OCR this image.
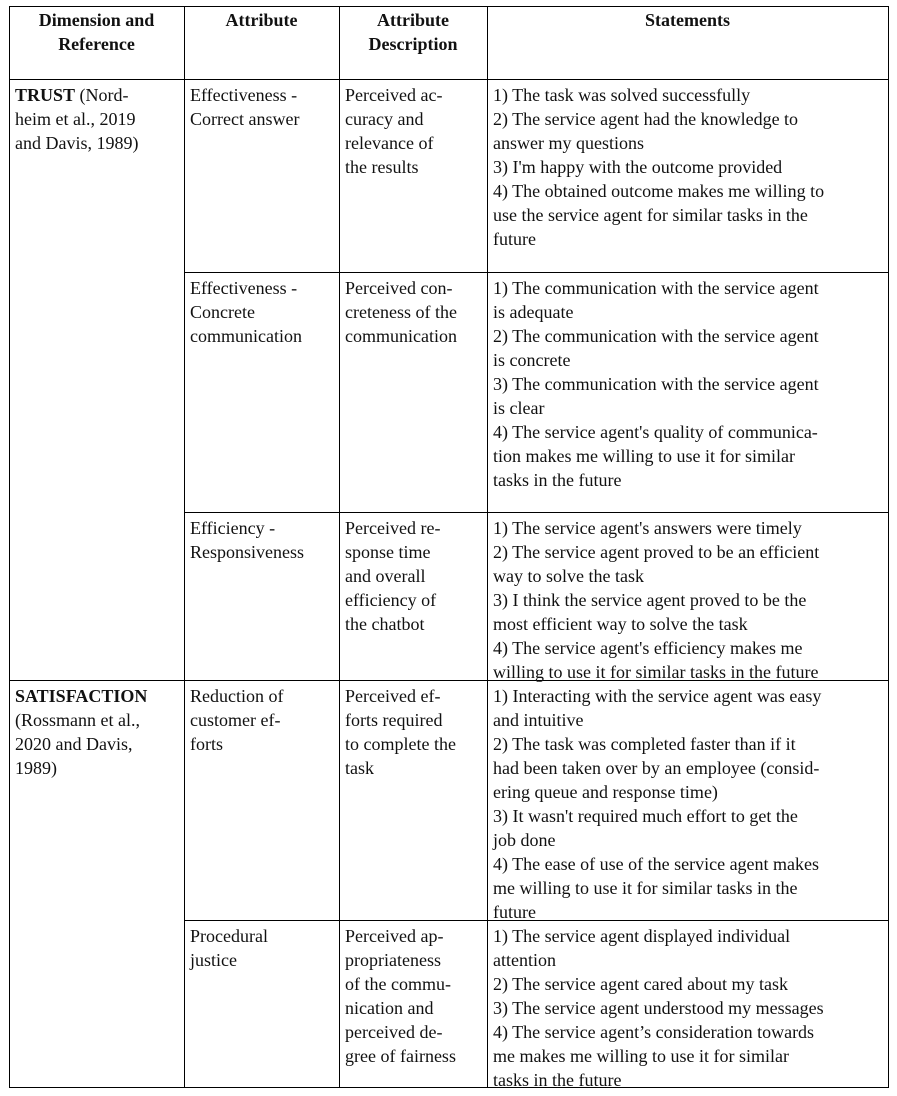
Dimension and
Reference
Attribute	Attribute
Description
Statements
TRUST (Nord-
heim et al., 2019
and Davis, 1989)
Effectiveness -
Correct answer
Perceived ac-
curacy and
relevance of
the results
1) The task was solved successfully
2) The service agent had the knowledge to
answer my questions
3) I'm happy with the outcome provided
4) The obtained outcome makes me willing to
use the service agent for similar tasks in the
future
Effectiveness -
Concrete
communication
Perceived con-
creteness of the
communication
1) The communication with the service agent
is adequate
2) The communication with the service agent
is concrete
3) The communication with the service agent
is clear
4) The service agent's quality of communica-
tion makes me willing to use it for similar
tasks in the future
Efficiency -
Responsiveness
Perceived re-
sponse time
and overall
efficiency of
the chatbot
1) The service agent's answers were timely
2) The service agent proved to be an efficient
way to solve the task
3) I think the service agent proved to be the
most efficient way to solve the task
4) The service agent's efficiency makes me
willing to use it for similar tasks in the future
SATISFACTION
(Rossmann et al.,
2020 and Davis,
1989)
Reduction of
customer ef-
forts
Perceived ef-
forts required
to complete the
task
1) Interacting with the service agent was easy
and intuitive
2) The task was completed faster than if it
had been taken over by an employee (consid-
ering queue and response time)
3) It wasn't required much effort to get the
job done
4) The ease of use of the service agent makes
me willing to use it for similar tasks in the
future
Procedural
justice
Perceived ap-
propriateness
of the commu-
nication and
perceived de-
gree of fairness
1) The service agent displayed individual
attention
2) The service agent cared about my task
3) The service agent understood my messages
4) The service agent’s consideration towards
me makes me willing to use it for similar
tasks in the future
